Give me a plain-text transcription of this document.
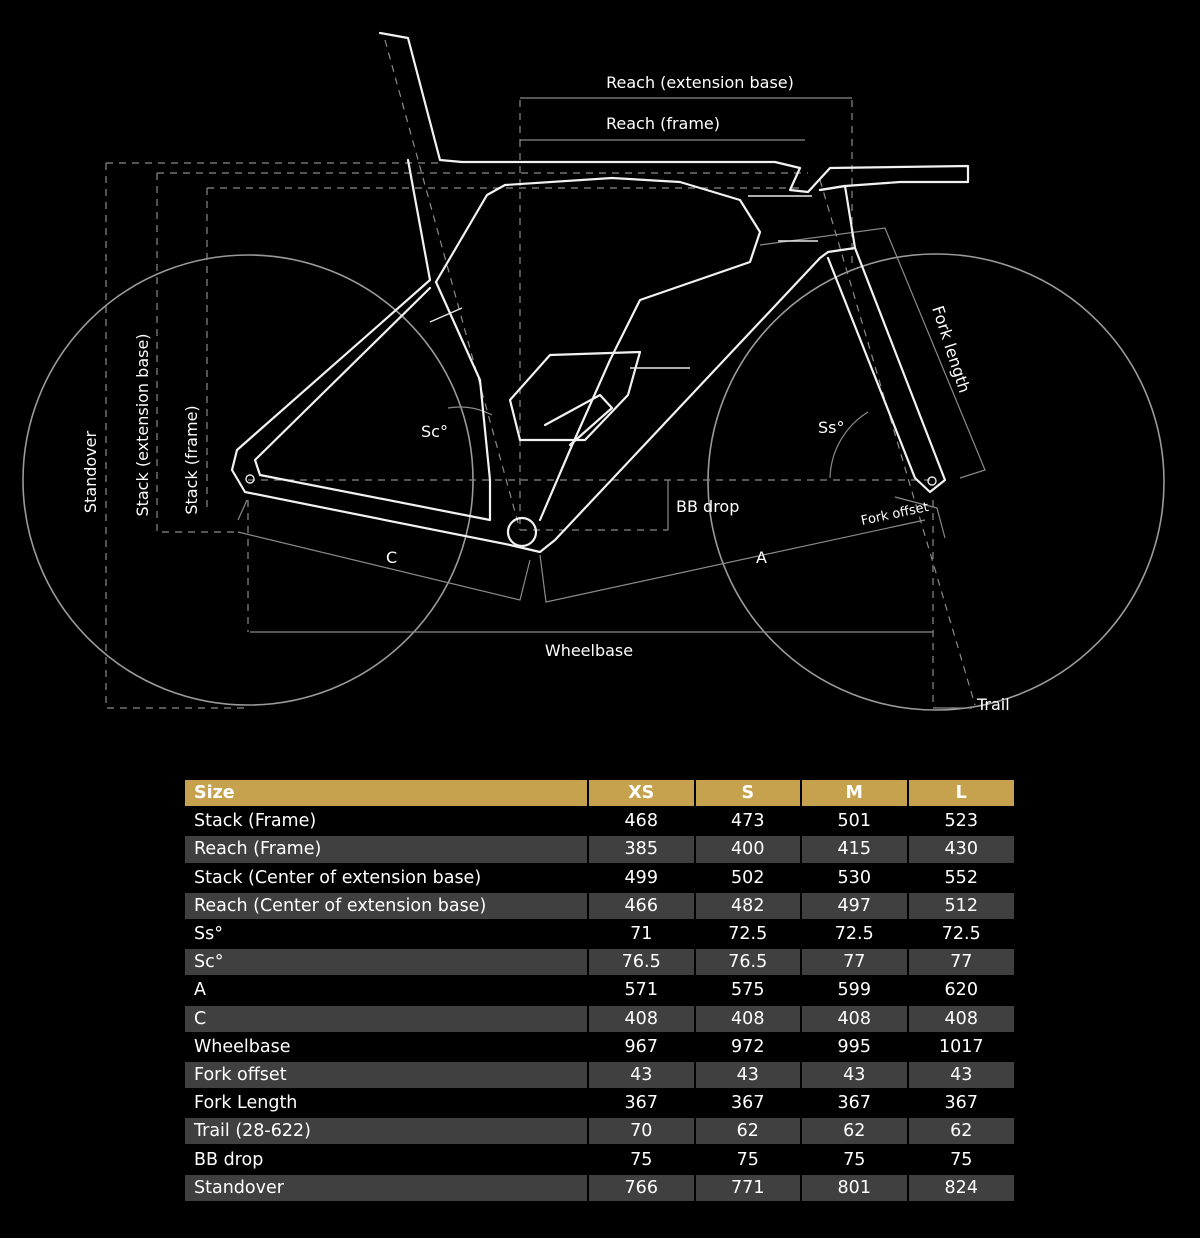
Reach (extension base)
Reach (frame)
Standover Stack (extension base) Stack (frame)	Sc°	Ss°
BB drop
C	A
Wheelbase
Fork length
Fork offset
Trail
Size	XS	S	M	L
Stack (Frame)	468	473	501	523
Reach (Frame)	385	400	415	430
Stack (Center of extension base)	499	502	530	552
Reach (Center of extension base)	466	482	497	512
Ss°	71	72.5	72.5	72.5
Sc°	76.5	76.5	77	77
A	571	575	599	620
C	408	408	408	408
Wheelbase	967	972	995	1017
Fork offset	43	43	43	43
Fork Length	367	367	367	367
Trail (28-622)	70	62	62	62
BB drop	75	75	75	75
Standover	766	771	801	824
